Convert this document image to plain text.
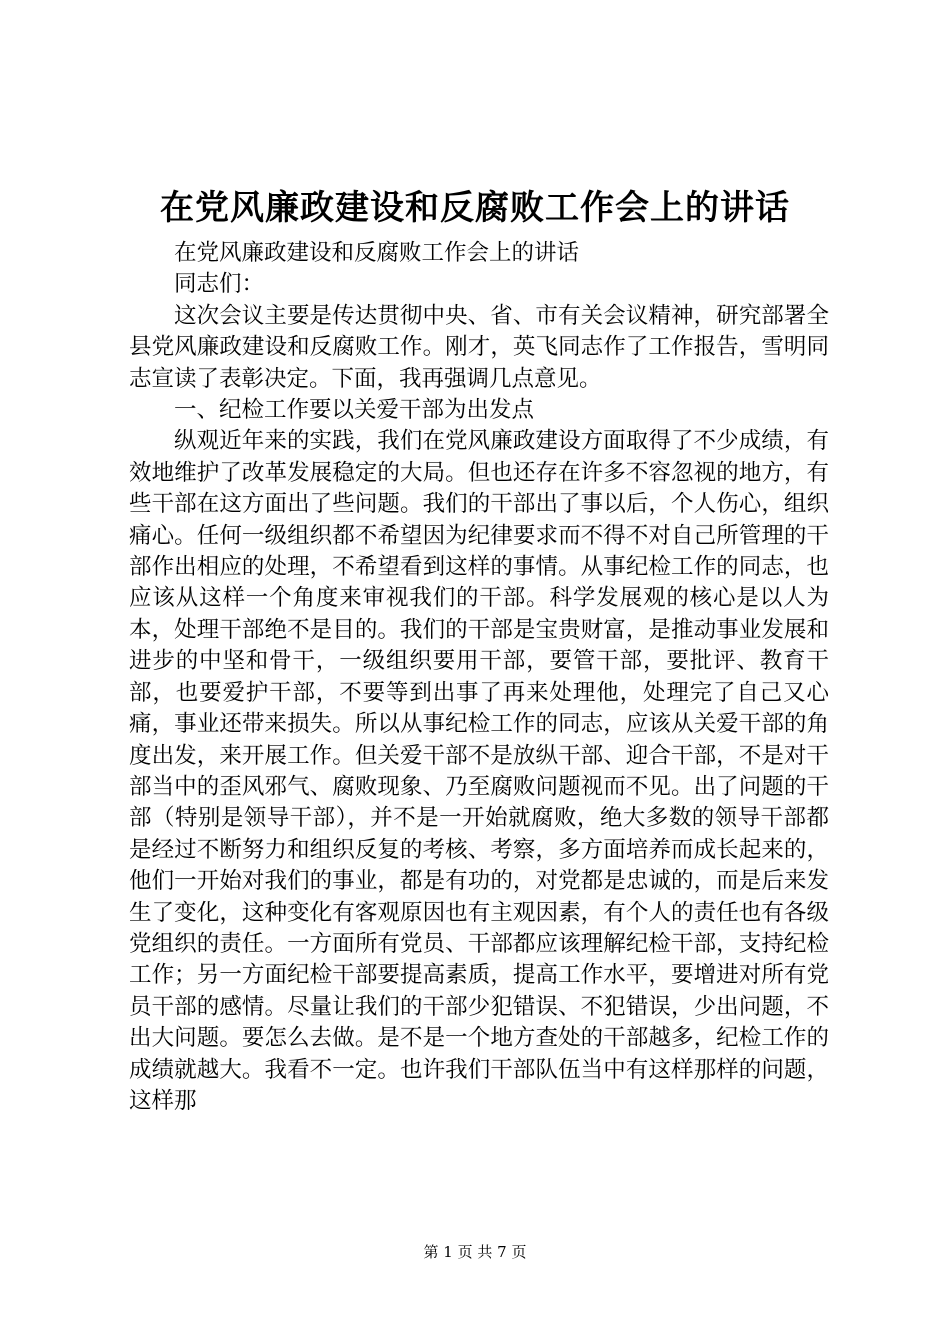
在党风廉政建设和反腐败工作会上的讲话

在党风廉政建设和反腐败工作会上的讲话

同志们：

这次会议主要是传达贯彻中央、省、市有关会议精神，研究部署全县党风廉政建设和反腐败工作。刚才，英飞同志作了工作报告，雪明同志宣读了表彰决定。下面，我再强调几点意见。

一、纪检工作要以关爱干部为出发点

纵观近年来的实践，我们在党风廉政建设方面取得了不少成绩，有效地维护了改革发展稳定的大局。但也还存在许多不容忽视的地方，有些干部在这方面出了些问题。我们的干部出了事以后，个人伤心，组织痛心。任何一级组织都不希望因为纪律要求而不得不对自己所管理的干部作出相应的处理，不希望看到这样的事情。从事纪检工作的同志，也应该从这样一个角度来审视我们的干部。科学发展观的核心是以人为本，处理干部绝不是目的。我们的干部是宝贵财富，是推动事业发展和进步的中坚和骨干，一级组织要用干部，要管干部，要批评、教育干部，也要爱护干部，不要等到出事了再来处理他，处理完了自己又心痛，事业还带来损失。所以从事纪检工作的同志，应该从关爱干部的角度出发，来开展工作。但关爱干部不是放纵干部、迎合干部，不是对干部当中的歪风邪气、腐败现象、乃至腐败问题视而不见。出了问题的干部（特别是领导干部），并不是一开始就腐败，绝大多数的领导干部都是经过不断努力和组织反复的考核、考察，多方面培养而成长起来的，他们一开始对我们的事业，都是有功的，对党都是忠诚的，而是后来发生了变化，这种变化有客观原因也有主观因素，有个人的责任也有各级党组织的责任。一方面所有党员、干部都应该理解纪检干部，支持纪检工作；另一方面纪检干部要提高素质，提高工作水平，要增进对所有党员干部的感情。尽量让我们的干部少犯错误、不犯错误，少出问题，不出大问题。要怎么去做。是不是一个地方查处的干部越多，纪检工作的成绩就越大。我看不一定。也许我们干部队伍当中有这样那样的问题，这样那

第 1 页 共 7 页
